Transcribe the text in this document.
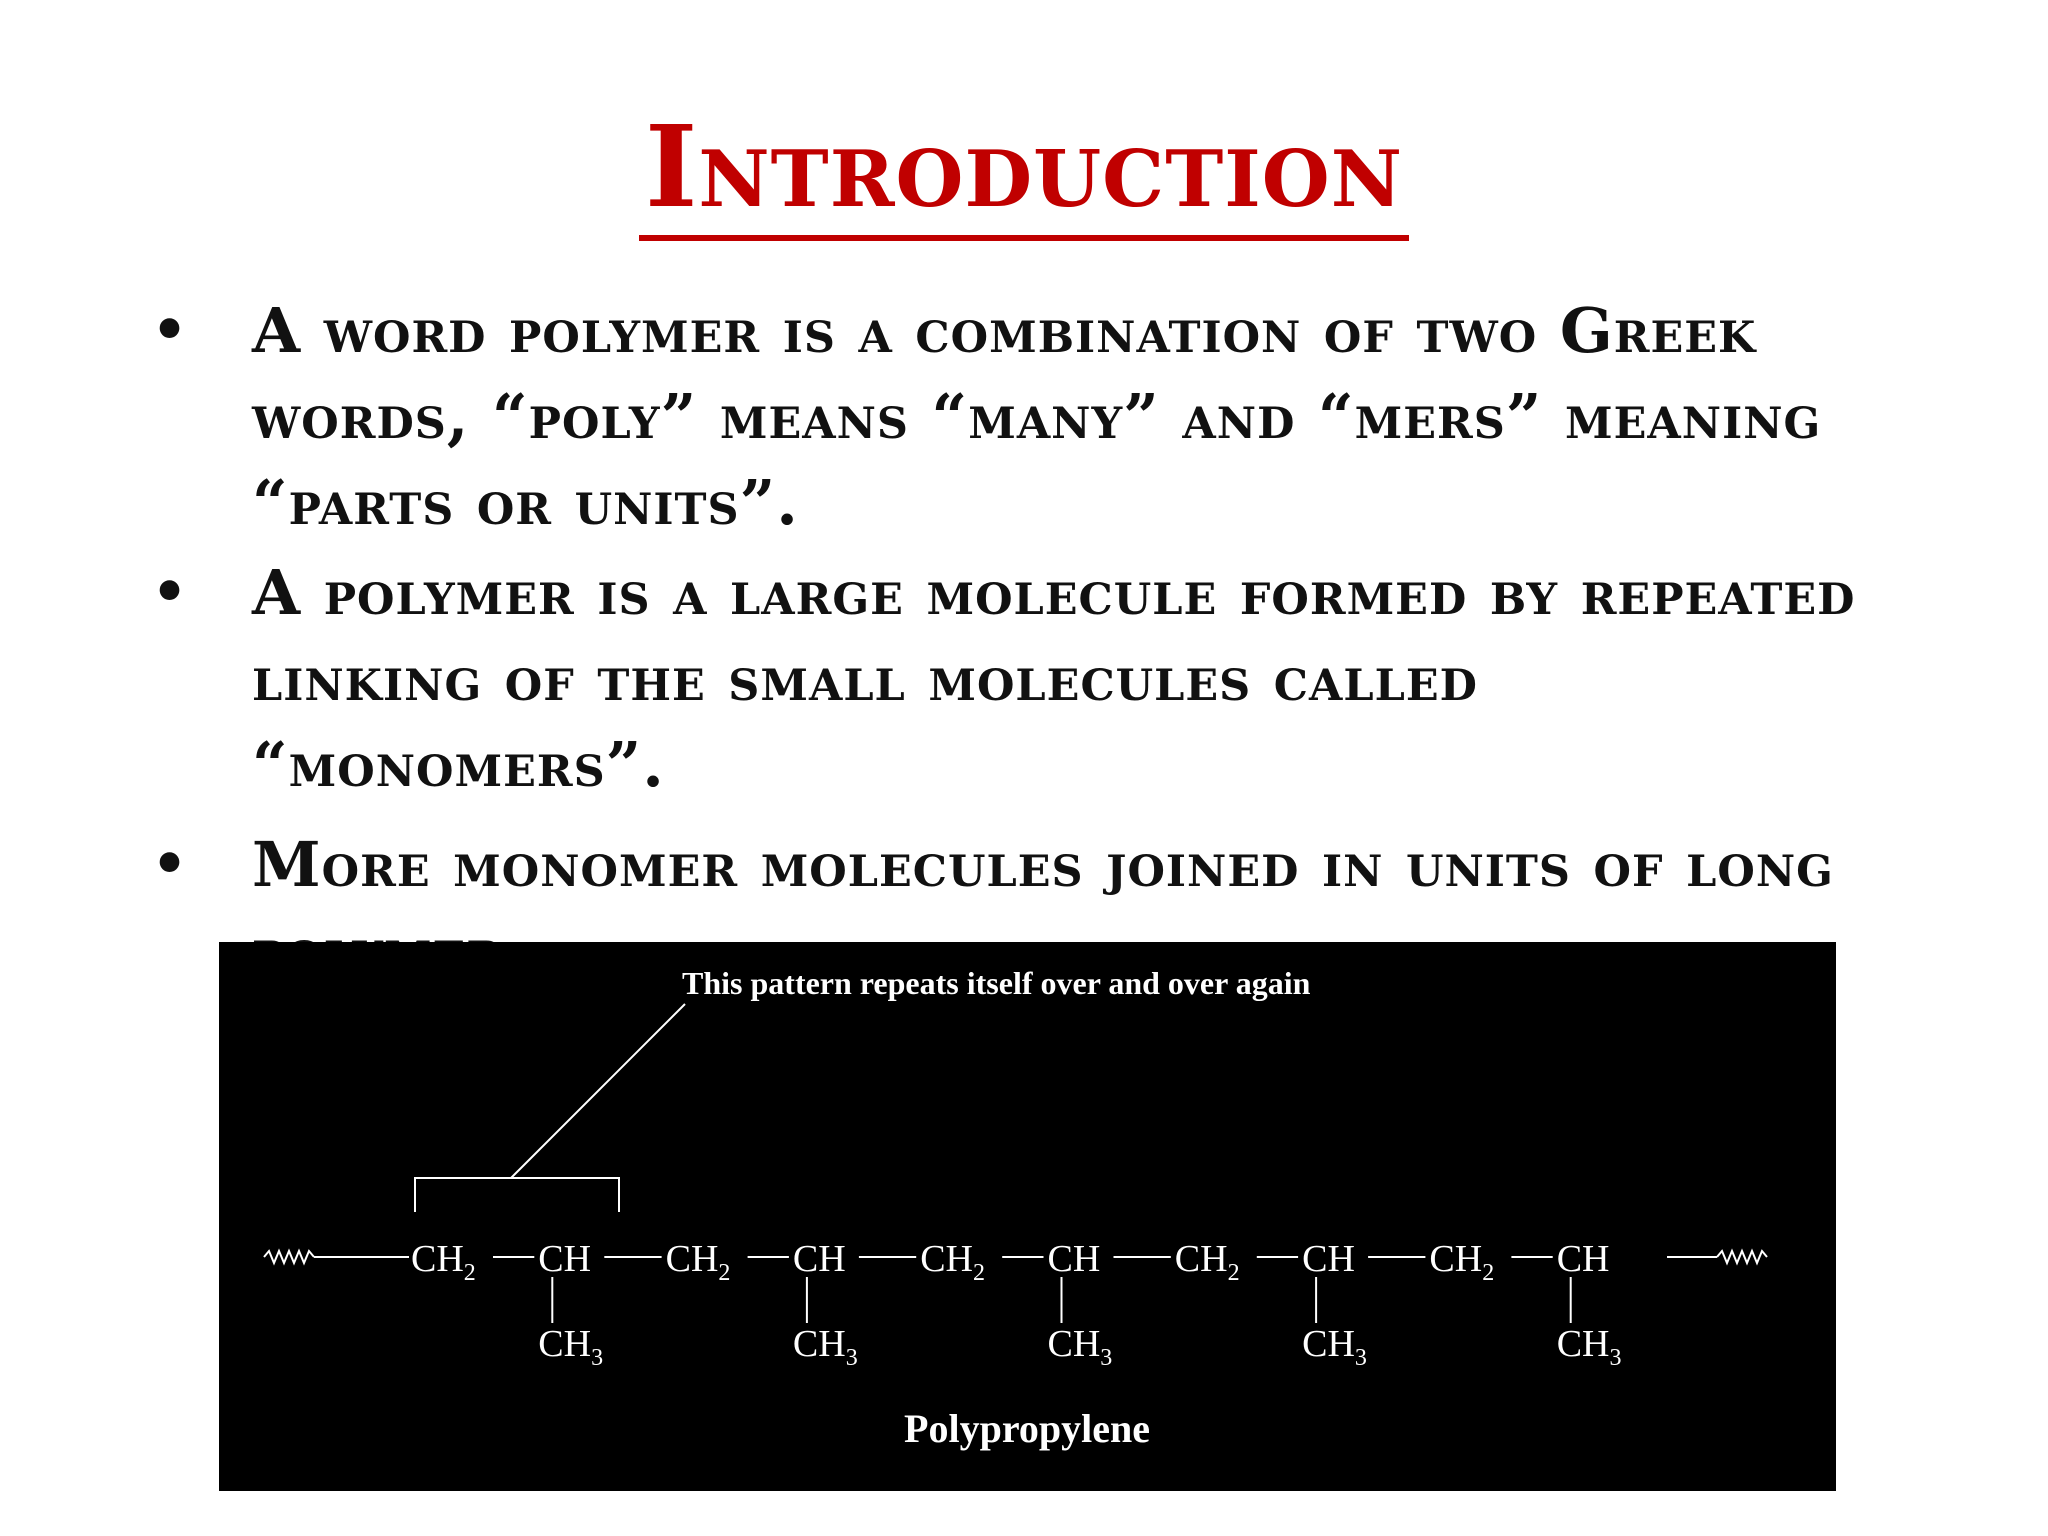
Introduction
• A word polymer is a combination of two Greek words, “poly” means “many” and “mers” meaning “parts or units”.
• A polymer is a large molecule formed by repeated linking of the small molecules called “monomers”.
• More monomer molecules joined in units of long
This pattern repeats itself over and over again
$CH_2$ CH
$CH_3$
$CH_2$ CH
$CH_3$
$CH_2$ CH
$CH_3$
$CH_2$ CH
$CH_3$
$CH_2$ CH
$CH_3$
Polypropylene
